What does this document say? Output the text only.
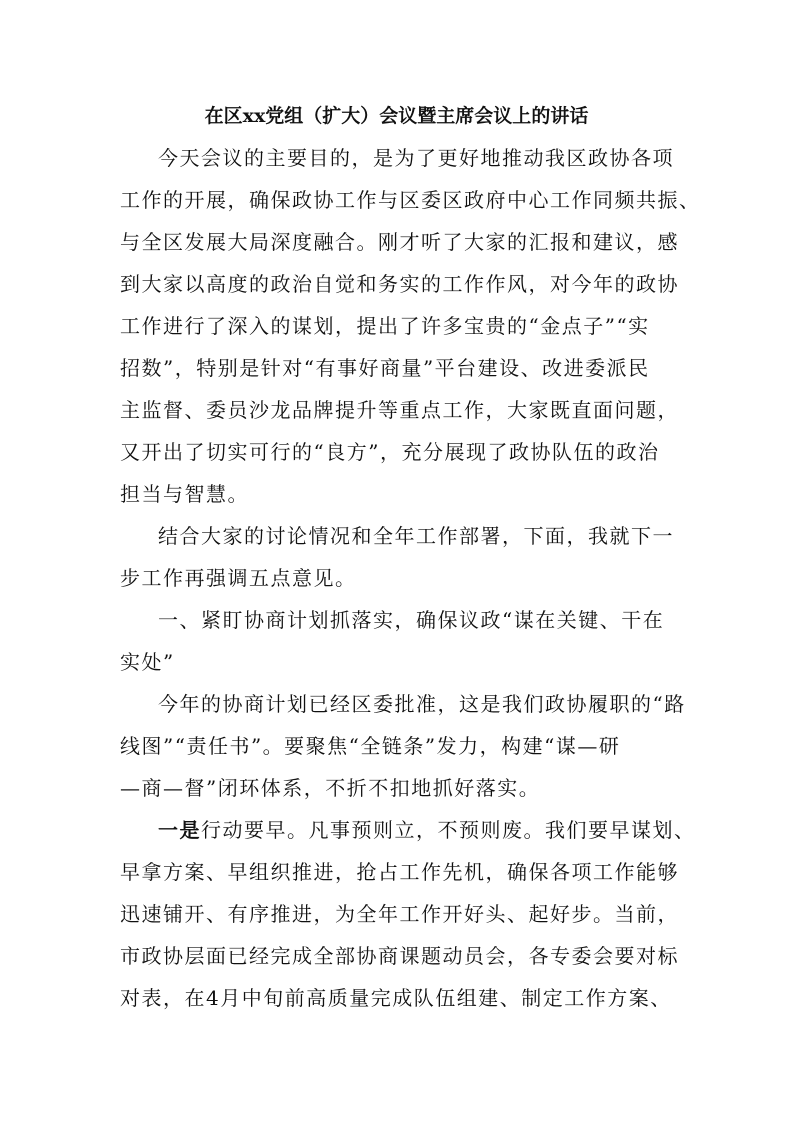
在区xx党组（扩大）会议暨主席会议上的讲话
今天会议的主要目的，是为了更好地推动我区政协各项
工作的开展，确保政协工作与区委区政府中心工作同频共振、
与全区发展大局深度融合。刚才听了大家的汇报和建议，感
到大家以高度的政治自觉和务实的工作作风，对今年的政协
工作进行了深入的谋划，提出了许多宝贵的“金点子”“实
招数”，特别是针对“有事好商量”平台建设、改进委派民
主监督、委员沙龙品牌提升等重点工作，大家既直面问题，
又开出了切实可行的“良方”，充分展现了政协队伍的政治
担当与智慧。
结合大家的讨论情况和全年工作部署，下面，我就下一
步工作再强调五点意见。
一、紧盯协商计划抓落实，确保议政“谋在关键、干在
实处”
今年的协商计划已经区委批准，这是我们政协履职的“路
线图”“责任书”。要聚焦“全链条”发力，构建“谋—研
—商—督”闭环体系，不折不扣地抓好落实。
一是行动要早。凡事预则立，不预则废。我们要早谋划、
早拿方案、早组织推进，抢占工作先机，确保各项工作能够
迅速铺开、有序推进，为全年工作开好头、起好步。当前，
市政协层面已经完成全部协商课题动员会，各专委会要对标
对表，在4月中旬前高质量完成队伍组建、制定工作方案、
